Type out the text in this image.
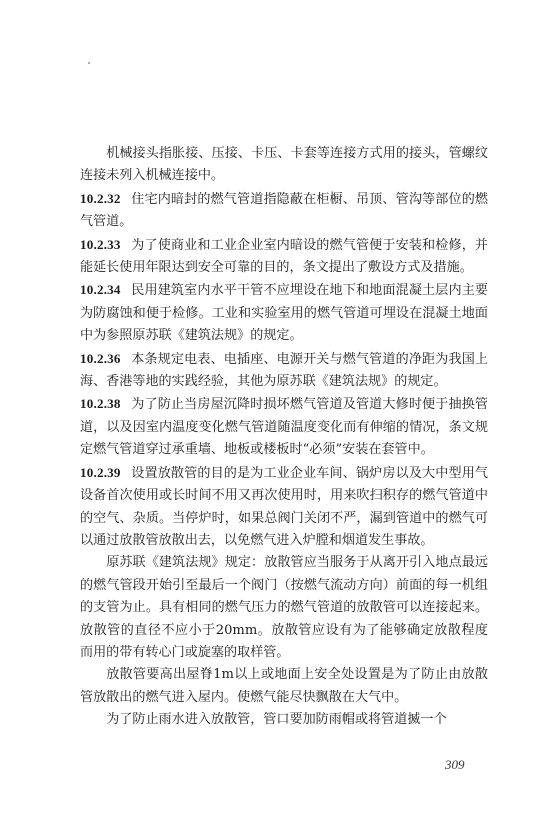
机械接头指胀接、压接、卡压、卡套等连接方式用的接头，管螺纹连接未列入机械连接中。

10.2.32 住宅内暗封的燃气管道指隐蔽在柜橱、吊顶、管沟等部位的燃气管道。

10.2.33 为了使商业和工业企业室内暗设的燃气管便于安装和检修，并能延长使用年限达到安全可靠的目的，条文提出了敷设方式及措施。

10.2.34 民用建筑室内水平干管不应埋设在地下和地面混凝土层内主要为防腐蚀和便于检修。工业和实验室用的燃气管道可埋设在混凝土地面中为参照原苏联《建筑法规》的规定。

10.2.36 本条规定电表、电插座、电源开关与燃气管道的净距为我国上海、香港等地的实践经验，其他为原苏联《建筑法规》的规定。

10.2.38 为了防止当房屋沉降时损坏燃气管道及管道大修时便于抽换管道，以及因室内温度变化燃气管道随温度变化而有伸缩的情况，条文规定燃气管道穿过承重墙、地板或楼板时“必须”安装在套管中。

10.2.39 设置放散管的目的是为工业企业车间、锅炉房以及大中型用气设备首次使用或长时间不用又再次使用时，用来吹扫积存的燃气管道中的空气、杂质。当停炉时，如果总阀门关闭不严，漏到管道中的燃气可以通过放散管放散出去，以免燃气进入炉膛和烟道发生事故。

原苏联《建筑法规》规定：放散管应当服务于从离开引入地点最远的燃气管段开始引至最后一个阀门（按燃气流动方向）前面的每一机组的支管为止。具有相同的燃气压力的燃气管道的放散管可以连接起来。放散管的直径不应小于20mm。放散管应设有为了能够确定放散程度而用的带有转心门或旋塞的取样管。

放散管要高出屋脊1m以上或地面上安全处设置是为了防止由放散管放散出的燃气进入屋内。使燃气能尽快飘散在大气中。

为了防止雨水进入放散管，管口要加防雨帽或将管道揻一个

309
